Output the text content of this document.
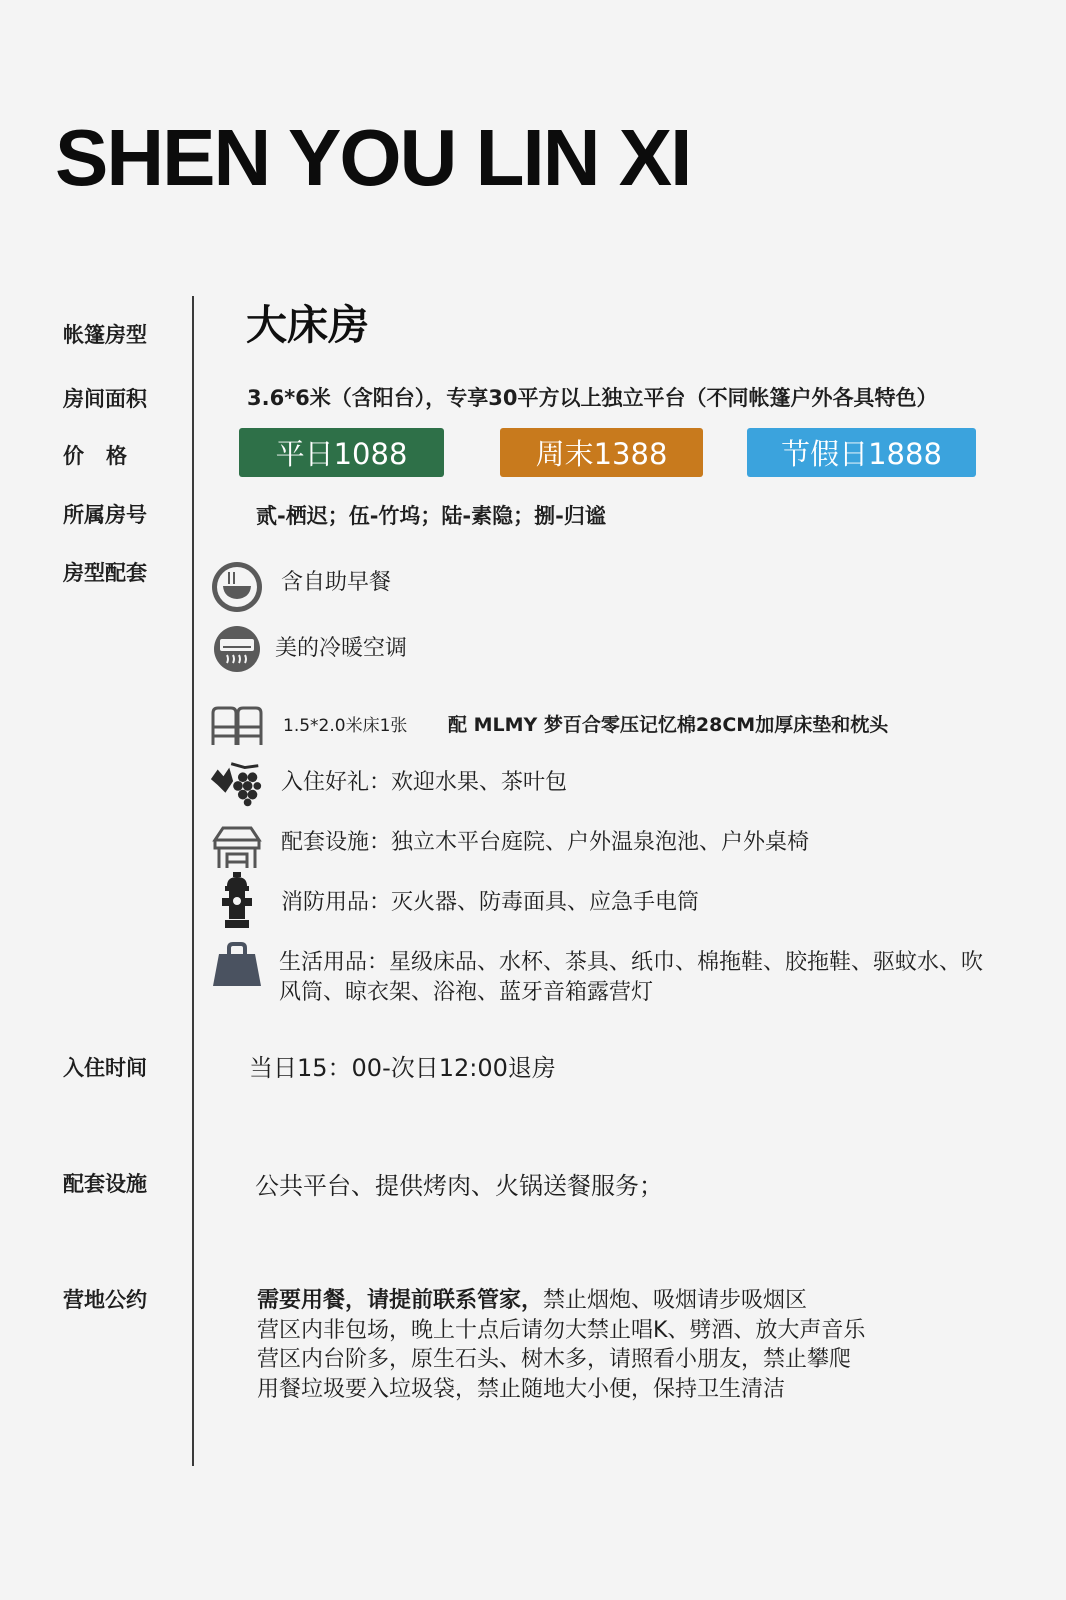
SHEN YOU LIN XI
帐篷房型
房间面积
价格
所属房号
房型配套
入住时间
配套设施
营地公约
大床房
3.6*6米（含阳台），专享30平方以上独立平台（不同帐篷户外各具特色）
平日1088	周末1388	节假日1888
贰-栖迟；伍-竹坞；陆-素隐；捌-归谧
含自助早餐
美的冷暖空调
1.5*2.0米床1张 配 MLMY 梦百合零压记忆棉28CM加厚床垫和枕头
入住好礼：欢迎水果、茶叶包
配套设施：独立木平台庭院、户外温泉泡池、户外桌椅
消防用品：灭火器、防毒面具、应急手电筒
生活用品：星级床品、水杯、茶具、纸巾、棉拖鞋、胶拖鞋、驱蚊水、吹风筒、晾衣架、浴袍、蓝牙音箱露营灯
当日15：00-次日12:00退房
公共平台、提供烤肉、火锅送餐服务；
需要用餐，请提前联系管家，禁止烟炮、吸烟请步吸烟区
营区内非包场，晚上十点后请勿大禁止唱K、劈酒、放大声音乐
营区内台阶多，原生石头、树木多，请照看小朋友，禁止攀爬
用餐垃圾要入垃圾袋，禁止随地大小便，保持卫生清洁
